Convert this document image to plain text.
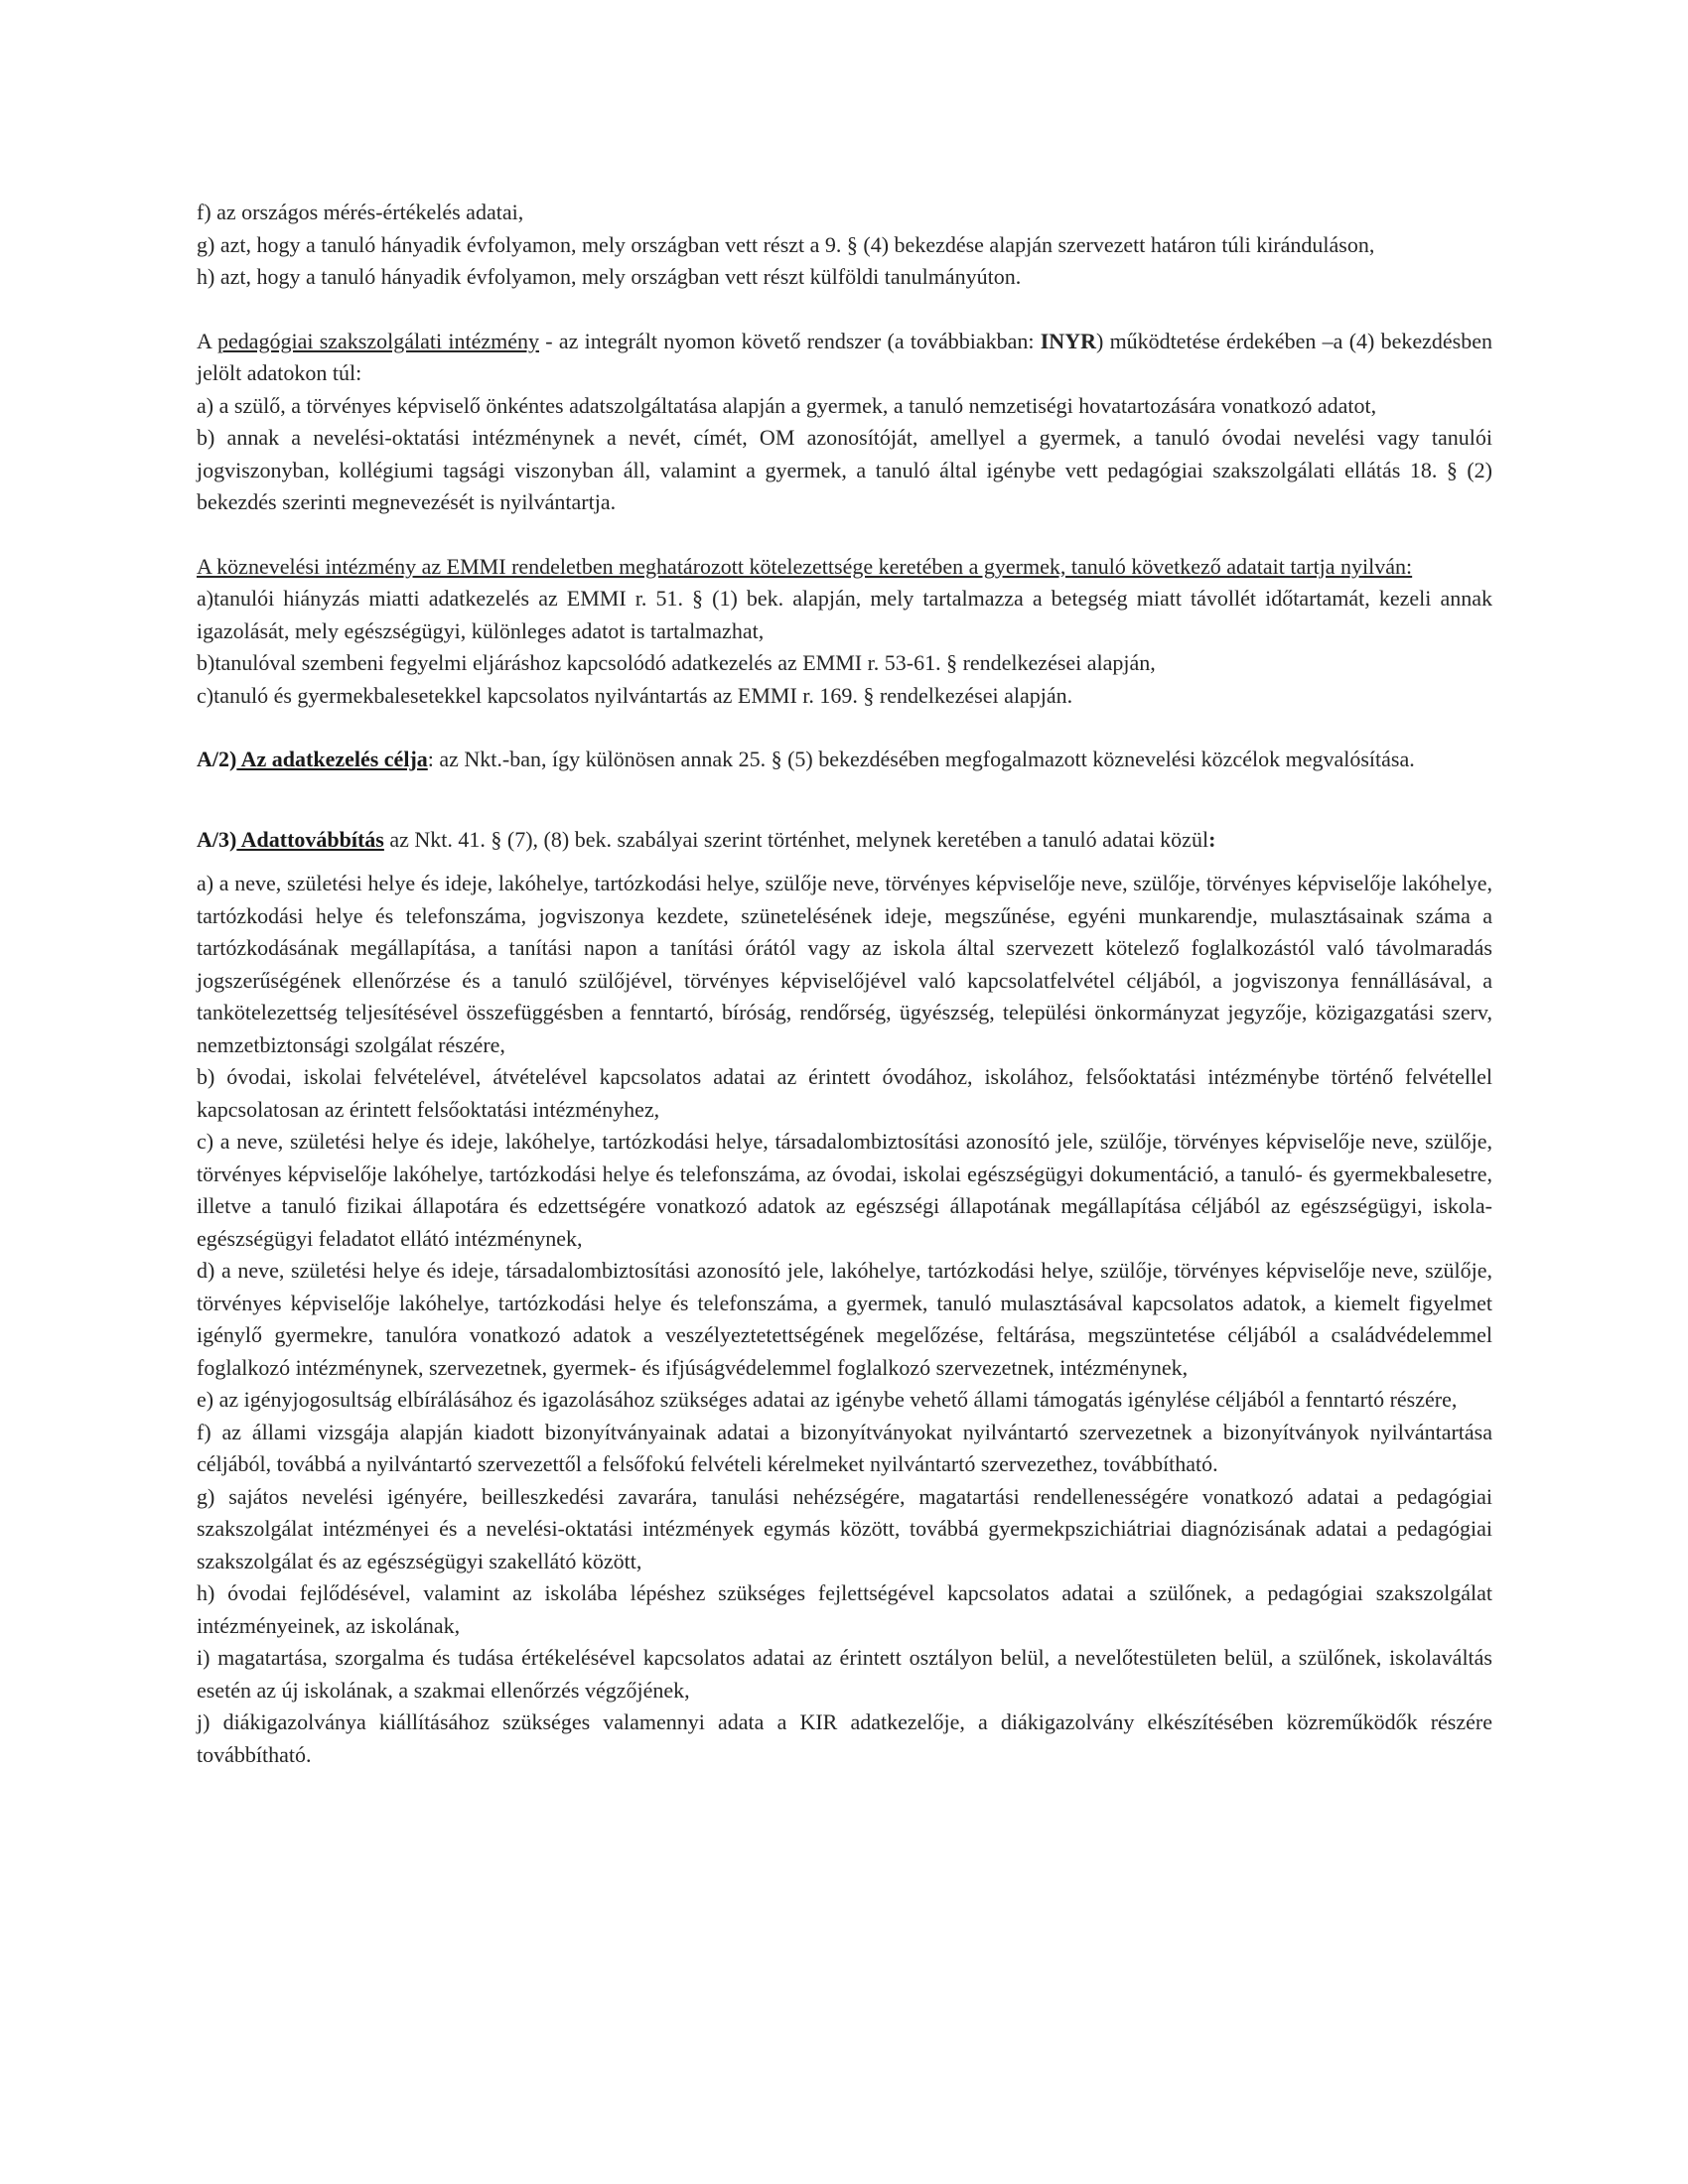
f) az országos mérés-értékelés adatai,

g) azt, hogy a tanuló hányadik évfolyamon, mely országban vett részt a 9. § (4) bekezdése alapján szervezett határon túli kiránduláson,

h) azt, hogy a tanuló hányadik évfolyamon, mely országban vett részt külföldi tanulmányúton.

A pedagógiai szakszolgálati intézmény - az integrált nyomon követő rendszer (a továbbiakban: INYR) működtetése érdekében –a (4) bekezdésben jelölt adatokon túl:

a) a szülő, a törvényes képviselő önkéntes adatszolgáltatása alapján a gyermek, a tanuló nemzetiségi hovatartozására vonatkozó adatot,

b) annak a nevelési-oktatási intézménynek a nevét, címét, OM azonosítóját, amellyel a gyermek, a tanuló óvodai nevelési vagy tanulói jogviszonyban, kollégiumi tagsági viszonyban áll, valamint a gyermek, a tanuló által igénybe vett pedagógiai szakszolgálati ellátás 18. § (2) bekezdés szerinti megnevezését is nyilvántartja.

A köznevelési intézmény az EMMI rendeletben meghatározott kötelezettsége keretében a gyermek, tanuló következő adatait tartja nyilván:

a)tanulói hiányzás miatti adatkezelés az EMMI r. 51. § (1) bek. alapján, mely tartalmazza a betegség miatt távollét időtartamát, kezeli annak igazolását, mely egészségügyi, különleges adatot is tartalmazhat,

b)tanulóval szembeni fegyelmi eljáráshoz kapcsolódó adatkezelés az EMMI r. 53-61. § rendelkezései alapján,

c)tanuló és gyermekbalesetekkel kapcsolatos nyilvántartás az EMMI r. 169. § rendelkezései alapján.

A/2) Az adatkezelés célja: az Nkt.-ban, így különösen annak 25. § (5) bekezdésében megfogalmazott köznevelési közcélok megvalósítása.

A/3) Adattovábbítás az Nkt. 41. § (7), (8) bek. szabályai szerint történhet, melynek keretében a tanuló adatai közül:

a) a neve, születési helye és ideje, lakóhelye, tartózkodási helye, szülője neve, törvényes képviselője neve, szülője, törvényes képviselője lakóhelye, tartózkodási helye és telefonszáma, jogviszonya kezdete, szünetelésének ideje, megszűnése, egyéni munkarendje, mulasztásainak száma a tartózkodásának megállapítása, a tanítási napon a tanítási órától vagy az iskola által szervezett kötelező foglalkozástól való távolmaradás jogszerűségének ellenőrzése és a tanuló szülőjével, törvényes képviselőjével való kapcsolatfelvétel céljából, a jogviszonya fennállásával, a tankötelezettség teljesítésével összefüggésben a fenntartó, bíróság, rendőrség, ügyészség, települési önkormányzat jegyzője, közigazgatási szerv, nemzetbiztonsági szolgálat részére,

b) óvodai, iskolai felvételével, átvételével kapcsolatos adatai az érintett óvodához, iskolához, felsőoktatási intézménybe történő felvétellel kapcsolatosan az érintett felsőoktatási intézményhez,

c) a neve, születési helye és ideje, lakóhelye, tartózkodási helye, társadalombiztosítási azonosító jele, szülője, törvényes képviselője neve, szülője, törvényes képviselője lakóhelye, tartózkodási helye és telefonszáma, az óvodai, iskolai egészségügyi dokumentáció, a tanuló- és gyermekbalesetre, illetve a tanuló fizikai állapotára és edzettségére vonatkozó adatok az egészségi állapotának megállapítása céljából az egészségügyi, iskola-egészségügyi feladatot ellátó intézménynek,

d) a neve, születési helye és ideje, társadalombiztosítási azonosító jele, lakóhelye, tartózkodási helye, szülője, törvényes képviselője neve, szülője, törvényes képviselője lakóhelye, tartózkodási helye és telefonszáma, a gyermek, tanuló mulasztásával kapcsolatos adatok, a kiemelt figyelmet igénylő gyermekre, tanulóra vonatkozó adatok a veszélyeztetettségének megelőzése, feltárása, megszüntetése céljából a családvédelemmel foglalkozó intézménynek, szervezetnek, gyermek- és ifjúságvédelemmel foglalkozó szervezetnek, intézménynek,

e) az igényjogosultság elbírálásához és igazolásához szükséges adatai az igénybe vehető állami támogatás igénylése céljából a fenntartó részére,

f) az állami vizsgája alapján kiadott bizonyítványainak adatai a bizonyítványokat nyilvántartó szervezetnek a bizonyítványok nyilvántartása céljából, továbbá a nyilvántartó szervezettől a felsőfokú felvételi kérelmeket nyilvántartó szervezethez, továbbítható.

g) sajátos nevelési igényére, beilleszkedési zavarára, tanulási nehézségére, magatartási rendellenességére vonatkozó adatai a pedagógiai szakszolgálat intézményei és a nevelési-oktatási intézmények egymás között, továbbá gyermekpszichiátriai diagnózisának adatai a pedagógiai szakszolgálat és az egészségügyi szakellátó között,

h) óvodai fejlődésével, valamint az iskolába lépéshez szükséges fejlettségével kapcsolatos adatai a szülőnek, a pedagógiai szakszolgálat intézményeinek, az iskolának,

i) magatartása, szorgalma és tudása értékelésével kapcsolatos adatai az érintett osztályon belül, a nevelőtestületen belül, a szülőnek, iskolaváltás esetén az új iskolának, a szakmai ellenőrzés végzőjének,

j) diákigazolványa kiállításához szükséges valamennyi adata a KIR adatkezelője, a diákigazolvány elkészítésében közreműködők részére továbbítható.
